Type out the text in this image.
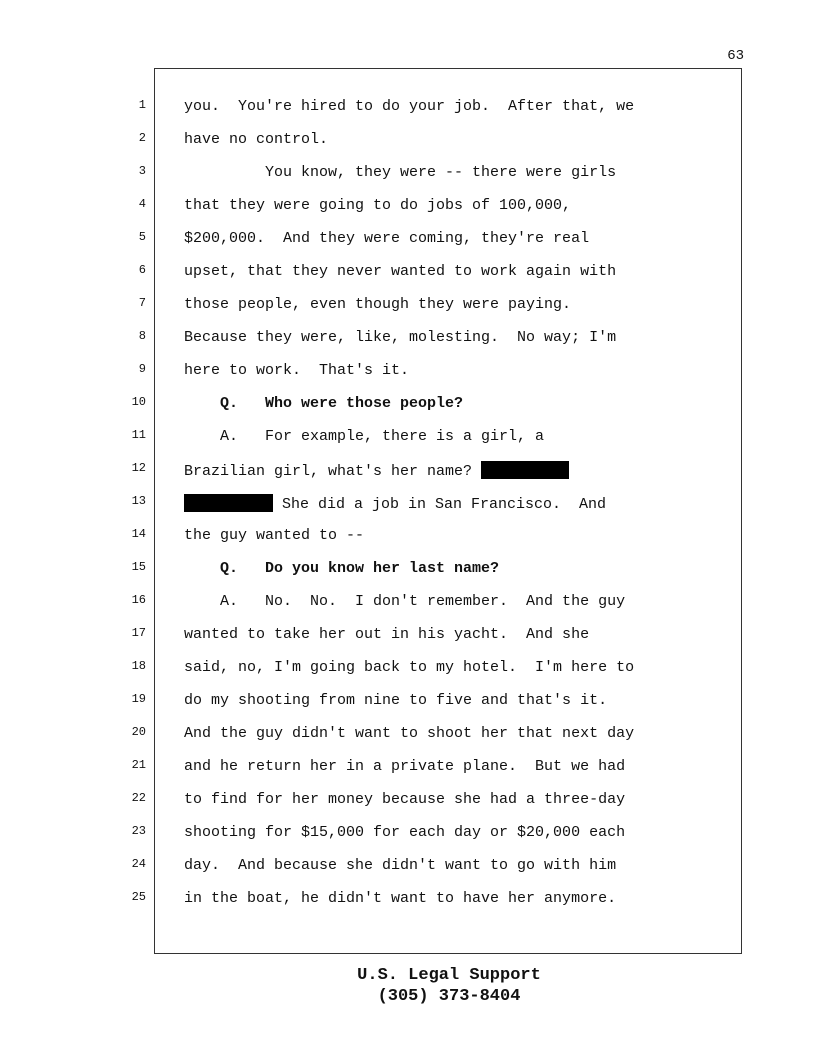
63
1	you.  You're hired to do your job.  After that, we
2	have no control.
3	You know, they were -- there were girls
4	that they were going to do jobs of 100,000,
5	$200,000.  And they were coming, they're real
6	upset, that they never wanted to work again with
7	those people, even though they were paying.
8	Because they were, like, molesting.  No way; I'm
9	here to work.  That's it.
10	Q.   Who were those people?
11	A.   For example, there is a girl, a
12	Brazilian girl, what's her name?
13	She did a job in San Francisco.  And
14	the guy wanted to --
15	Q.   Do you know her last name?
16	A.   No.  No.  I don't remember.  And the guy
17	wanted to take her out in his yacht.  And she
18	said, no, I'm going back to my hotel.  I'm here to
19	do my shooting from nine to five and that's it.
20	And the guy didn't want to shoot her that next day
21	and he return her in a private plane.  But we had
22	to find for her money because she had a three-day
23	shooting for $15,000 for each day or $20,000 each
24	day.  And because she didn't want to go with him
25	in the boat, he didn't want to have her anymore.
U.S. Legal Support
(305) 373-8404
